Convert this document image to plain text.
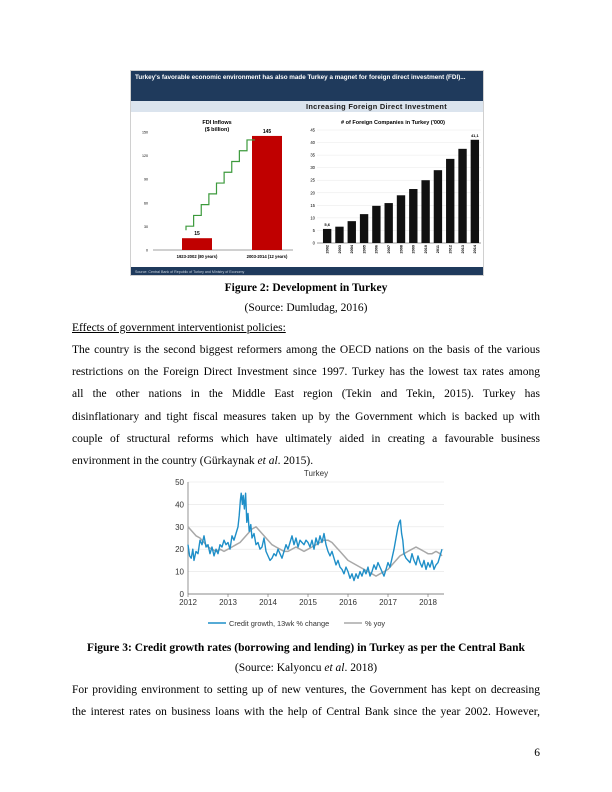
Turkey's favorable economic environment has also made Turkey a magnet for foreign direct investment (FDI)...
Increasing Foreign Direct Investment
FDI Inflows
($ billion)
0
30
60
90
120
150
15
1923-2002 (80 years)
145
2003-2014 (12 years)
# of Foreign Companies in Turkey ('000)
0
5
10
15
20
25
30
35
40
45
2002
5,6
2003 2004 2005 2006 2007 2008 2009 2010 2011 2012 2013 2014
41,1
Source: Central Bank of Republic of Turkey and Ministry of Economy
Figure 2: Development in Turkey
(Source: Dumludag, 2016)
Effects of government interventionist policies:
The country is the second biggest reformers among the OECD nations on the basis of the various
restrictions on the Foreign Direct Investment since 1997. Turkey has the lowest tax rates among
all the other nations in the Middle East region (Tekin and Tekin, 2015). Turkey has
disinflationary and tight fiscal measures taken up by the Government which is backed up with
couple of structural reforms which have ultimately aided in creating a favourable business
environment in the country (Gürkaynak et al. 2015).
Turkey
0
10
20
30
40
50
2012	2013	2014	2015	2016	2017	2018
Credit growth, 13wk % change	% yoy
Figure 3: Credit growth rates (borrowing and lending) in Turkey as per the Central Bank
(Source: Kalyoncu et al. 2018)
For providing environment to setting up of new ventures, the Government has kept on decreasing
the interest rates on business loans with the help of Central Bank since the year 2002. However,
6
